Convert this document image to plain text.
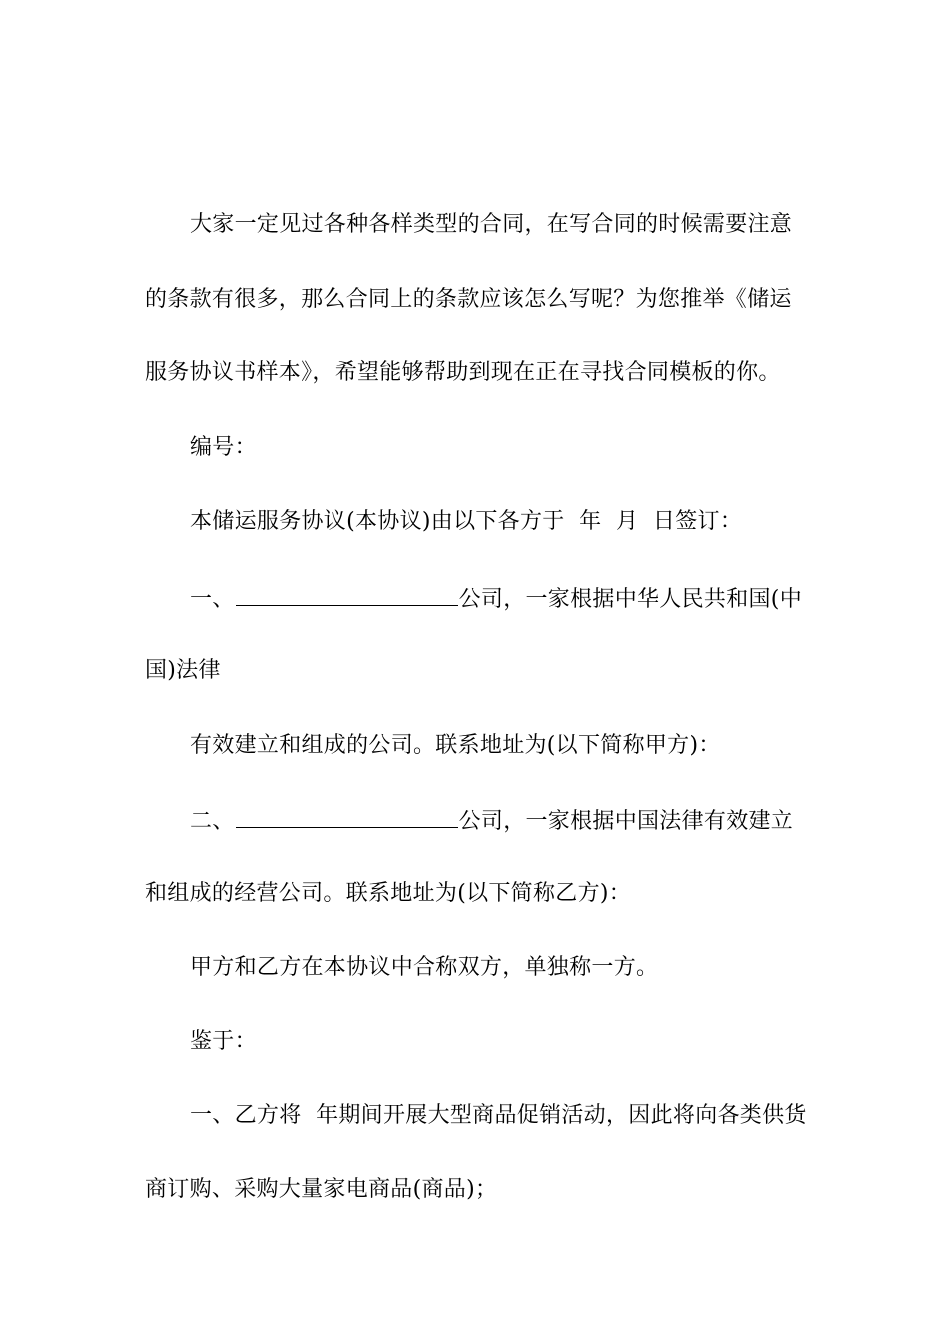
大家一定见过各种各样类型的合同，在写合同的时候需要注意
的条款有很多，那么合同上的条款应该怎么写呢？为您推举《储运
服务协议书样本》，希望能够帮助到现在正在寻找合同模板的你。
编号：
本储运服务协议(本协议)由以下各方于  年  月  日签订：
一、	公司，一家根据中华人民共和国(中
国)法律
有效建立和组成的公司。联系地址为(以下简称甲方)：
二、	公司，一家根据中国法律有效建立
和组成的经营公司。联系地址为(以下简称乙方)：
甲方和乙方在本协议中合称双方，单独称一方。
鉴于：
一、乙方将  年期间开展大型商品促销活动，因此将向各类供货
商订购、采购大量家电商品(商品)；
